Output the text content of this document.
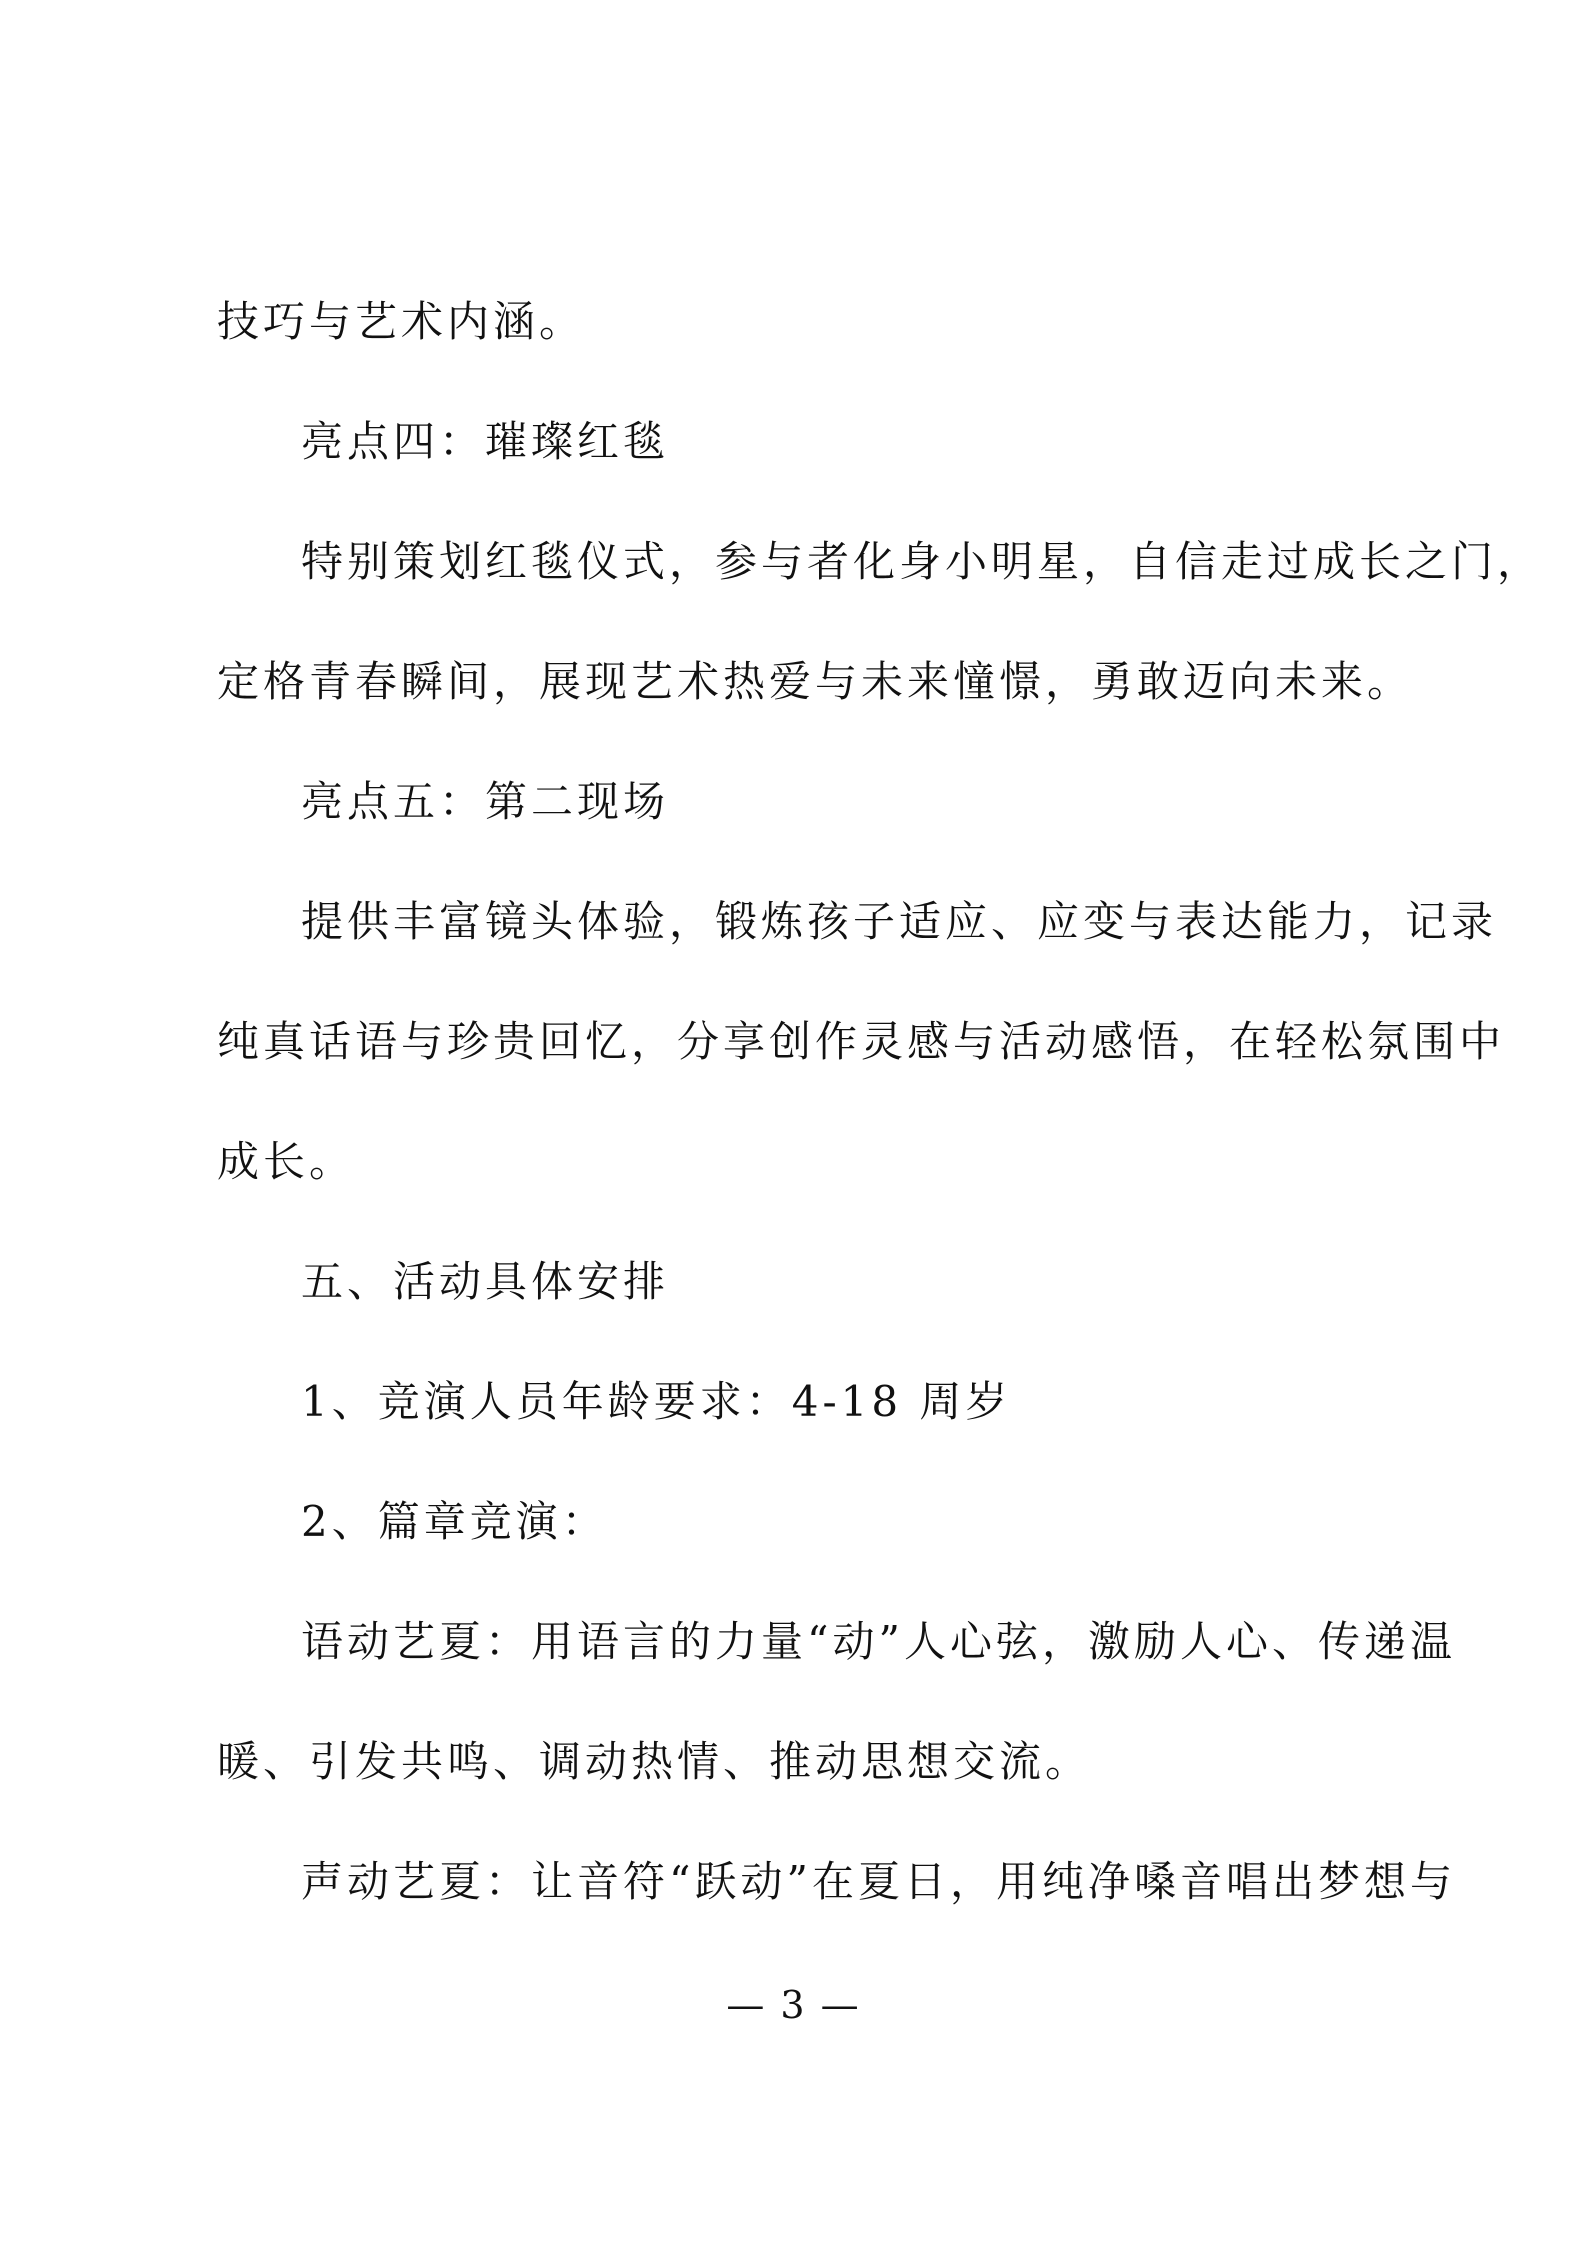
技巧与艺术内涵。
亮点四：璀璨红毯
特别策划红毯仪式，参与者化身小明星，自信走过成长之门，
定格青春瞬间，展现艺术热爱与未来憧憬，勇敢迈向未来。
亮点五：第二现场
提供丰富镜头体验，锻炼孩子适应、应变与表达能力，记录
纯真话语与珍贵回忆，分享创作灵感与活动感悟，在轻松氛围中
成长。
五、活动具体安排
1、竞演人员年龄要求：4-18 周岁
2、篇章竞演：
语动艺夏：用语言的力量“动”人心弦，激励人心、传递温
暖、引发共鸣、调动热情、推动思想交流。
声动艺夏：让音符“跃动”在夏日，用纯净嗓音唱出梦想与
— 3 —
